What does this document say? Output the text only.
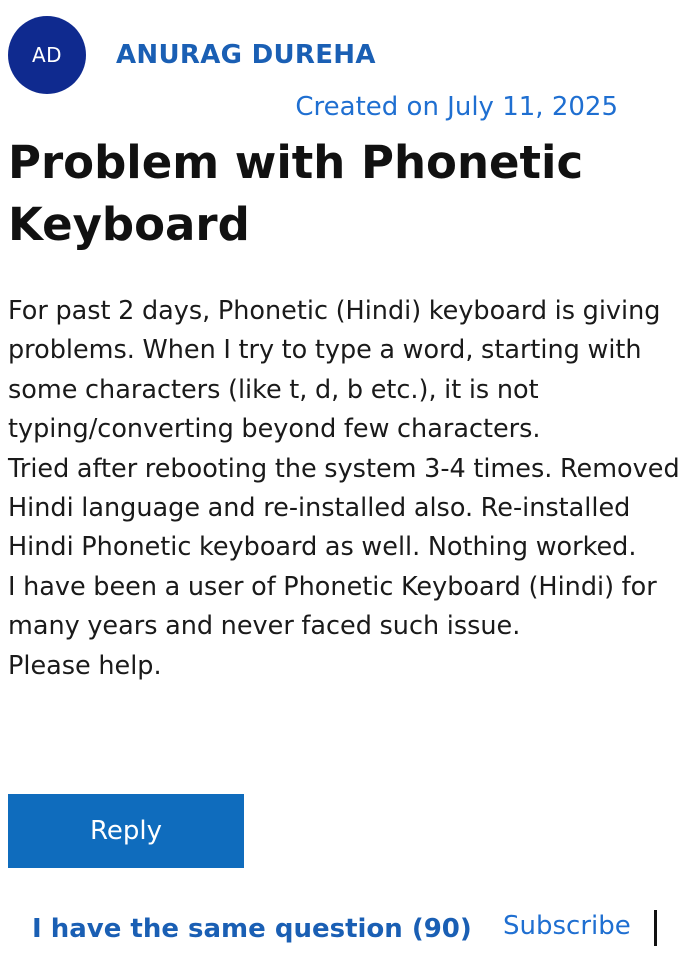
AD ANURAG DUREHA
Created on July 11, 2025
Problem with Phonetic Keyboard

For past 2 days, Phonetic (Hindi) keyboard is giving problems. When I try to type a word, starting with some characters (like t, d, b etc.), it is not typing/converting beyond few characters.
Tried after rebooting the system 3-4 times. Removed Hindi language and re-installed also. Re-installed Hindi Phonetic keyboard as well. Nothing worked.
I have been a user of Phonetic Keyboard (Hindi) for many years and never faced such issue.
Please help.

Reply
I have the same question (90) Subscribe
